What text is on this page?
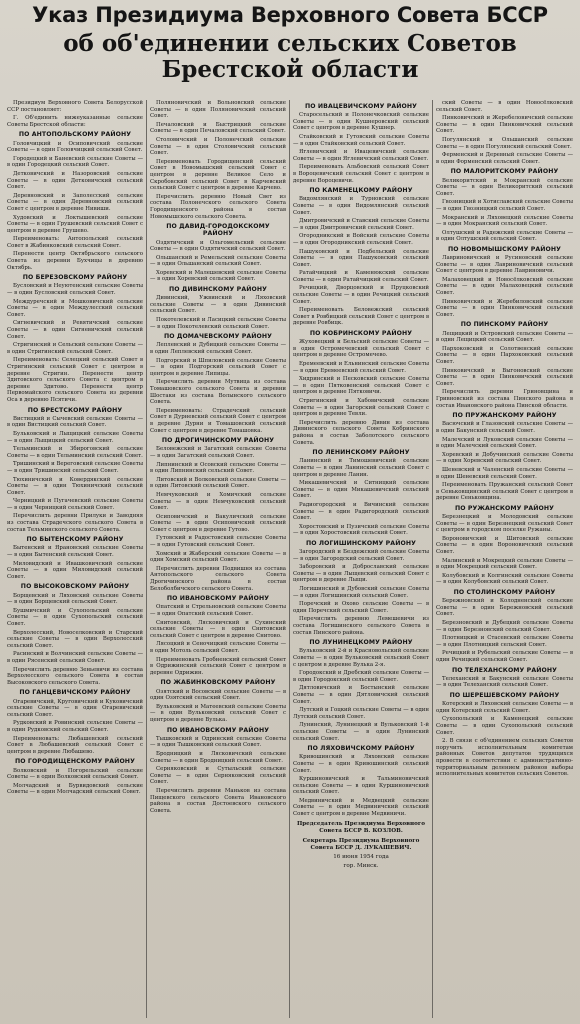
Указ Президиума Верховного Совета БССР
об об'единении сельских Советов
Брестской области

Президиум Верховного Совета Белорусской ССР постановляет:

Г. Об'единить нижеуказанные сельские Советы Брестской области:

ПО АНТОПОЛЬСКОМУ РАЙОНУ

Головчицкий и Осиповичский сельские Советы — в один Головчицкий сельский Совет.

Городецкий и Баневский сельские Советы — в один Городецкий сельский Совет.

Детковичский и Назоровский сельские Советы — в один Детковичский сельский Совет.

Деревновский и Заполесский сельские Советы — в один Деревновский сельский Совет с центром в деревне Нивиши.

Худовский и Локтышевский сельские Советы — в один Грушевский сельский Совет с центром в деревне Грушево.

Переименовать: Антопольский сельский Совет в Жабинковский сельский Совет.

Перенести центр Октябрьского сельского Совета из деревни Бухчицы в деревню Октябрь.

ПО БЕРЕЗОВСКОМУ РАЙОНУ

Бусловский и Неуютенский сельские Советы — в один Бусловский сельский Совет.

Междуречский и Мошковичский сельские Советы — в один Междулесский сельский Совет.

Сигневичский и Ревятичский сельские Советы — в один Сигневичский сельский Совет.

Стригинский и Сельский сельские Советы — в один Стригинский сельский Совет.

Переименовать: Селецкий сельский Совет в Стригинский сельский Совет с центром в деревне Стригин. Перенести центр Здитовского сельского Совета с центром в деревне Здитово. Перенести центр Первомайского сельского Совета из деревни Оса в деревню Псятичи.

ПО БРЕСТСКОМУ РАЙОНУ

Вистицкий и Сычевский сельские Советы — в один Вистицкий сельский Совет.

Бульковский и Лыщицкий сельские Советы — в один Лыщицкий сельский Совет.

Тельминский и Збироговский сельские Советы — в один Тельминский сельский Совет.

Тришинский и Вереговский сельские Советы — в один Тришинский сельский Совет.

Тюхиничский и Ковердякский сельские Советы — в один Тюхиничский сельский Совет.

Черницкий и Пугачевский сельские Советы — в один Черницкий сельский Совет.

Перечислить деревни Прилуки и Заводняя из состава Страдечского сельского Совета в состав Тельминского сельского Совета.

ПО БЫТЕНСКОМУ РАЙОНУ

Бытенский и Ярановский сельские Советы — в один Бытенский сельский Совет.

Миловидский и Ивашковичский сельские Советы — в один Миловидский сельский Совет.

ПО ВЫСОКОВСКОМУ РАЙОНУ

Борщевский и Ляховский сельские Советы — в один Борщевский сельский Совет.

Бушмичский и Сухопольский сельские Советы — в один Сухопольский сельский Совет.

Верхолесский, Новоселковский и Старский сельские Советы — в один Верхолесский сельский Совет.

Расинский и Волчинский сельские Советы — в один Рясенский сельский Совет.

Перечислить деревню Зеньевичи из состава Верхолесского сельского Совета в состав Высоковского сельского Совета.

ПО ГАНЦЕВИЧСКОМУ РАЙОНУ

Огаревичский, Круговичский и Куковичский сельские Советы — в один Огаревичский сельский Совет.

Рудковский и Ровинский сельские Советы — в один Рудковский сельский Совет.

Переименовать: Любашевский сельский Совет в Любашевский сельский Совет с центром в деревне Любашево.

ПО ГОРОДИЩЕНСКОМУ РАЙОНУ

Волковский и Погорельский сельские Советы — в один Волковский сельский Совет.

Молчадский и Бурвидовский сельские Советы — в один Молчадский сельский Совет.

Поляновичский и Вольновский сельские Советы — в один Поляновичский сельский Совет.

Печаловский и Быстрицкий сельские Советы — в один Печаловский сельский Совет.

Столовичский и Полонечский сельские Советы — в один Столовичский сельский Совет.

Переименовать Городищенский сельский Совет в Новомышский сельский Совет с центром в деревне Великое Село и Скробовский сельский Совет в Карчевский сельский Совет с центром в деревне Карчево.

Перечислить деревню Новый Свет из состава Полонечского сельского Совета Городищенского района в состав Новомышского сельского Совета.

ПО ДАВИД-ГОРОДОКСКОМУ РАЙОНУ

Оздятичский и Ольгомельский сельские Советы — в один Оздятичский сельский Совет.

Ольшанский и Ремельский сельские Советы — в один Ольшанский сельский Совет.

Хоревский и Малешевский сельские Советы — в один Хоревский сельский Совет.

ПО ДИВИНСКОМУ РАЙОНУ

Дивинский, Ужвинский и Ляховский сельские Советы — в один Дивинский сельский Совет.

Покотелевский и Ласицкий сельские Советы — в один Покотелевский сельский Совет.

ПО ДОМАЧЕВСКОМУ РАЙОНУ

Леплевский и Дубицкий сельские Советы — в один Леплевский сельский Совет.

Подгорский и Шпиловский сельские Советы — в один Подгорский сельский Совет с центром в деревне Липицы.

Перечислить деревни Мутвица из состава Томашовского сельского Совета и деревни Шостаки из состава Волынского сельского Совета.

Переименовать: Страдечский сельский Совет в Дурневский сельский Совет с центром в деревне Дурни и Томашовский сельский Совет с центром в деревне Томашовка.

ПО ДРОГИЧИНСКОМУ РАЙОНУ

Беловежский и Загатский сельские Советы — в один Загатский сельский Совет.

Липнинский и Осовский сельские Советы — в один Липнинский сельский Совет.

Литовский и Волковский сельские Советы — в один Литовский сельский Совет.

Немчуковский и Хомичский сельские Советы — в один Немчуковский сельский Совет.

Осиповичский и Вакуличский сельские Советы — в один Осиповичский сельский Совет с центром в деревне Гутово.

Гутовский и Радостовский сельские Советы — в один Гутовский сельский Совет.

Хомский и Жаберский сельские Советы — в один Хомский сельский Совет.

Перечислить деревни Подвишня из состава Антопольского сельского Совета Дрогичинского района в состав Белоболбичского сельского Совета.

ПО ИВАНОВСКОМУ РАЙОНУ

Опатский и Стрельновский сельские Советы — в один Опатский сельский Совет.

Снитовский, Лясковичский и Сухинский сельские Советы — в один Снитовский сельский Совет с центром в деревне Снитово.

Лясоцкий и Сеночицкий сельские Советы — в один Мотоль сельский Совет.

Переименовать Гробненский сельский Совет в Одрижинский сельский Совет с центром в деревне Одрижин.

ПО ЖАБИНКОВСКОМУ РАЙОНУ

Озятский и Восовский сельские Советы — в один Озятский сельский Совет.

Вульковский и Матеевский сельские Советы — в один Вульковский сельский Совет с центром в деревне Вулька.

ПО ИВАНОВСКОМУ РАЙОНУ

Тышковский и Одринский сельские Советы — в один Тышковский сельский Совет.

Бродницкий и Лясковичский сельские Советы — в один Бродницкий сельский Совет.

Серняковский и Сутыльский сельские Советы — в один Серняковский сельский Совет.

Перечислить деревни Маньков из состава Пищевского сельского Совета Ивановского района в состав Достоевского сельского Совета.

ПО ИВАЦЕВИЧСКОМУ РАЙОНУ

Старосельский и Полонечковский сельские Советы — в один Кушнеровский сельский Совет с центром в деревне Кушнер.

Стайковский и Гутовский сельские Советы — в один Стайковский сельский Совет.

Яглевичский и Ивацевичский сельские Советы — в один Яглевичский сельский Совет.

Переименовать Альбовский сельский Совет в Вороцевичский сельский Совет с центром в деревне Вороцевичи.

ПО КАМЕНЕЦКОМУ РАЙОНУ

Видомлянский и Турновский сельские Советы — в один Видомлянский сельский Совет.

Дмитровичский и Ставский сельские Советы — в один Дмитровичский сельский Совет.

Огородникский и Войский сельские Советы — в один Огородникский сельский Совет.

Пашуковский и Подбельский сельские Советы — в один Пашуковский сельский Совет.

Ратайчицкий и Каменюкский сельские Советы — в один Ратайчицкий сельский Совет.

Речицкий, Дворцовский и Пруцковский сельские Советы — в один Речицкий сельский Совет.

Переименовать Беловежский сельский Совет в Ровбицкий сельский Совет с центром в деревне Ровбицк.

ПО КОБРИНСКОМУ РАЙОНУ

Жуховецкий и Бельский сельские Советы — в один Остромечевский сельский Совет с центром в деревне Остромечево.

Еремеевский и Ельнинский сельские Советы — в один Еремеевский сельский Совет.

Хидринский и Песковский сельские Советы — в один Пятковенский сельский Совет с центром в деревне Пятковичи.

Стригинский и Хабовичский сельские Советы — в один Загорский сельский Совет с центром в деревне Тевли.

Перечислить деревню Дивин из состава Дивинского сельского Совета Кобринского района в состав Заболотского сельского Совета.

ПО ЛЕНИНСКОМУ РАЙОНУ

Ланинский и Тимошевичский сельские Советы — в один Ланинский сельский Совет с центром в деревне Ланин.

Микашевичский и Ситницкий сельские Советы — в один Микашевичский сельский Совет.

Радиогородский и Вичинский сельские Советы — в один Радигородский сельский Совет.

Хоростовский и Пузичский сельские Советы — в один Хоростовский сельский Совет.

ПО ЛОГИШИНСКОМУ РАЙОНУ

Загородский и Бездежский сельские Советы — в один Загородский сельский Совет.

Заборовский и Доброславский сельские Советы — в один Лыщевский сельский Совет с центром в деревне Лыщи.

Логишинский и Дубовский сельские Советы — в один Логишинский сельский Совет.

Поречский и Охово сельские Советы — в один Поречский сельский Совет.

Перечислить деревню Лемешевичи из состава Логишинского сельского Совета в состав Пинского района.

ПО ЛУНИНЕЦКОМУ РАЙОНУ

Вульковский 2-й и Красновольский сельские Советы — в один Вульковский сельский Совет с центром в деревне Вулька 2-я.

Городокский и Дребский сельские Советы — в один Городокский сельский Совет.

Дятловичский и Бостынский сельские Советы — в один Дятловичский сельский Совет.

Лутский и Гоцкий сельские Советы — в один Лутский сельский Совет.

Лунинский, Лунинецкий и Вульковский 1-й сельские Советы — в один Лунинский сельский Совет.

ПО ЛЯХОВИЧСКОМУ РАЙОНУ

Кривошинский и Ляховский сельские Советы — в один Кривошинский сельский Совет.

Куршиновичский и Тальминовичский сельские Советы — в один Куршиновичский сельский Совет.

Медвиничский и Медвецкий сельские Советы — в один Медвиничский сельский Совет с центром в деревне Медвиничи.

Председатель Президиума Верховного Совета БССР В. КОЗЛОВ.
Секретарь Президиума Верховного Совета БССР Д. ЛУКАШЕВИЧ.
16 июня 1954 года
гор. Минск.

ский Советы — в один Новосёлковский сельский Совет.

Пинковичский и Жеребеловичский сельские Советы — в один Пинковичский сельский Совет.

Погулянский и Ольшанский сельские Советы — в один Погулянский сельский Совет.

Ферменский и Деревный сельские Советы — в один Форменский сельский Совет.

ПО МАЛОРИТСКОМУ РАЙОНУ

Великоритский и Мокранский сельские Советы — в один Великоритский сельский Совет.

Гвозницкий и Хотиславский сельские Советы — в один Гвозницкий сельский Совет.

Мокранский и Ляховецкий сельские Советы — в один Мокранский сельский Совет.

Олтушский и Радежский сельские Советы — в один Олтушский сельский Совет.

ПО НОВОМЫШСКОМУ РАЙОНУ

Лавриновичский и Русиновский сельские Советы — в один Лавриновичский сельский Совет с центром в деревне Лавриновичи.

Малаховецкий и Новосёлковский сельские Советы — в один Малаховецкий сельский Совет.

Пинковичский и Жеребиловский сельские Советы — в один Пинковичский сельский Совет.

ПО ПИНСКОМУ РАЙОНУ

Лещицкий и Островский сельские Советы — в один Лещицкий сельский Совет.

Пархоковский и Солотвенский сельские Советы — в один Пархоковский сельский Совет.

Пинковичский и Выгоновский сельские Советы — в один Пинковичский сельский Совет.

Перечислить деревни Гриновщина и Гривновский из состава Пинского района в состав Ивановского района Пинской области.

ПО ПРУЖАНСКОМУ РАЙОНУ

Васючский и Глазовский сельские Советы — в один Бакунский сельский Совет.

Малечский и Луковский сельские Советы — в один Малечский сельский Совет.

Хоревский и Добучинский сельские Советы — в один Хоревский сельский Совет.

Шеневский и Чаленский сельские Советы — в один Шеневский сельский Совет.

Переименовать Пружанский сельский Совет в Сеньковщинский сельский Совет с центром в деревне Сеньковщина.

ПО РУЖАНСКОМУ РАЙОНУ

Березнецкий и Молодовский сельские Советы — в один Березнецкий сельский Совет с центром в городском поселке Ружаны.

Вороновичский и Шитовский сельские Советы — в один Вороновичский сельский Совет.

Малинский и Мокрецкий сельские Советы — в один Мокрецкий сельский Совет.

Колубовский и Колгинский сельские Советы — в один Колубовский сельский Совет.

ПО СТОЛИНСКОМУ РАЙОНУ

Бережновский и Колодненский сельские Советы — в один Бережновский сельский Совет.

Березновский и Дубецкий сельские Советы — в один Березновский сельский Совет.

Плотницкий и Стасевский сельские Советы — в один Плотницкий сельский Совет.

Речицкий и Рубельский сельские Советы — в один Речицкий сельский Совет.

ПО ТЕЛЕХАНСКОМУ РАЙОНУ

Телеханский и Бакунский сельские Советы — в один Телеханский сельский Совет.

ПО ШЕРЕШЕВСКОМУ РАЙОНУ

Котерский и Ляховский сельские Советы — в один Котерский сельский Совет.

Сухопольский и Каменецкий сельские Советы — в один Сухопольский сельский Совет.

2. В связи с об'единением сельских Советов поручить исполнительным комитетам районных Советов депутатов трудящихся провести в соответствии с административно-территориальным делением районов выборы исполнительных комитетов сельских Советов.
